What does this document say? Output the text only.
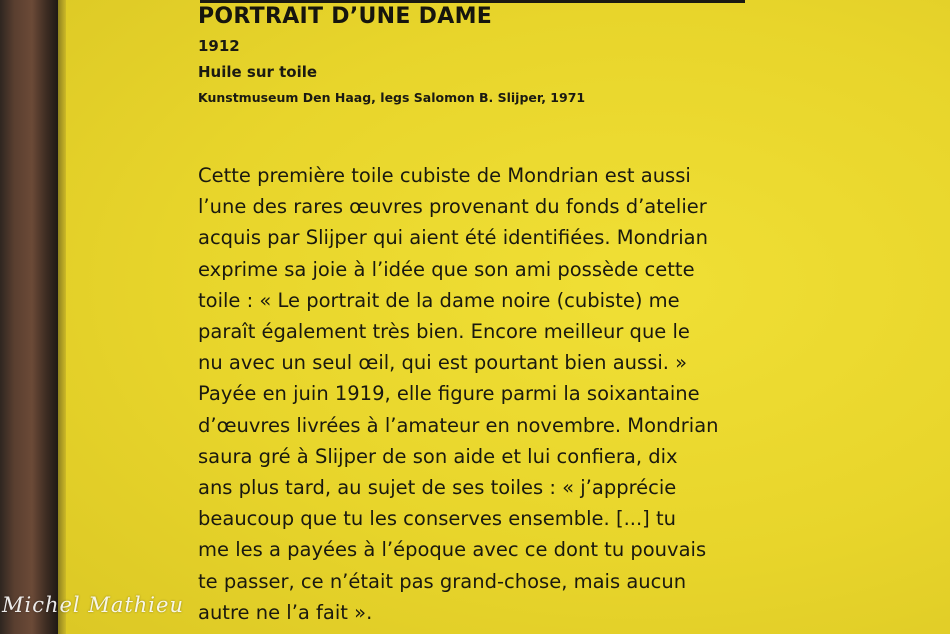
PORTRAIT D’UNE DAME

1912

Huile sur toile

Kunstmuseum Den Haag, legs Salomon B. Slijper, 1971

Cette première toile cubiste de Mondrian est aussi
l’une des rares œuvres provenant du fonds d’atelier
acquis par Slijper qui aient été identifiées. Mondrian
exprime sa joie à l’idée que son ami possède cette
toile : « Le portrait de la dame noire (cubiste) me
paraît également très bien. Encore meilleur que le
nu avec un seul œil, qui est pourtant bien aussi. »
Payée en juin 1919, elle figure parmi la soixantaine
d’œuvres livrées à l’amateur en novembre. Mondrian
saura gré à Slijper de son aide et lui confiera, dix
ans plus tard, au sujet de ses toiles : « j’apprécie
beaucoup que tu les conserves ensemble. [...] tu
me les a payées à l’époque avec ce dont tu pouvais
te passer, ce n’était pas grand-chose, mais aucun
autre ne l’a fait ».

Michel Mathieu
